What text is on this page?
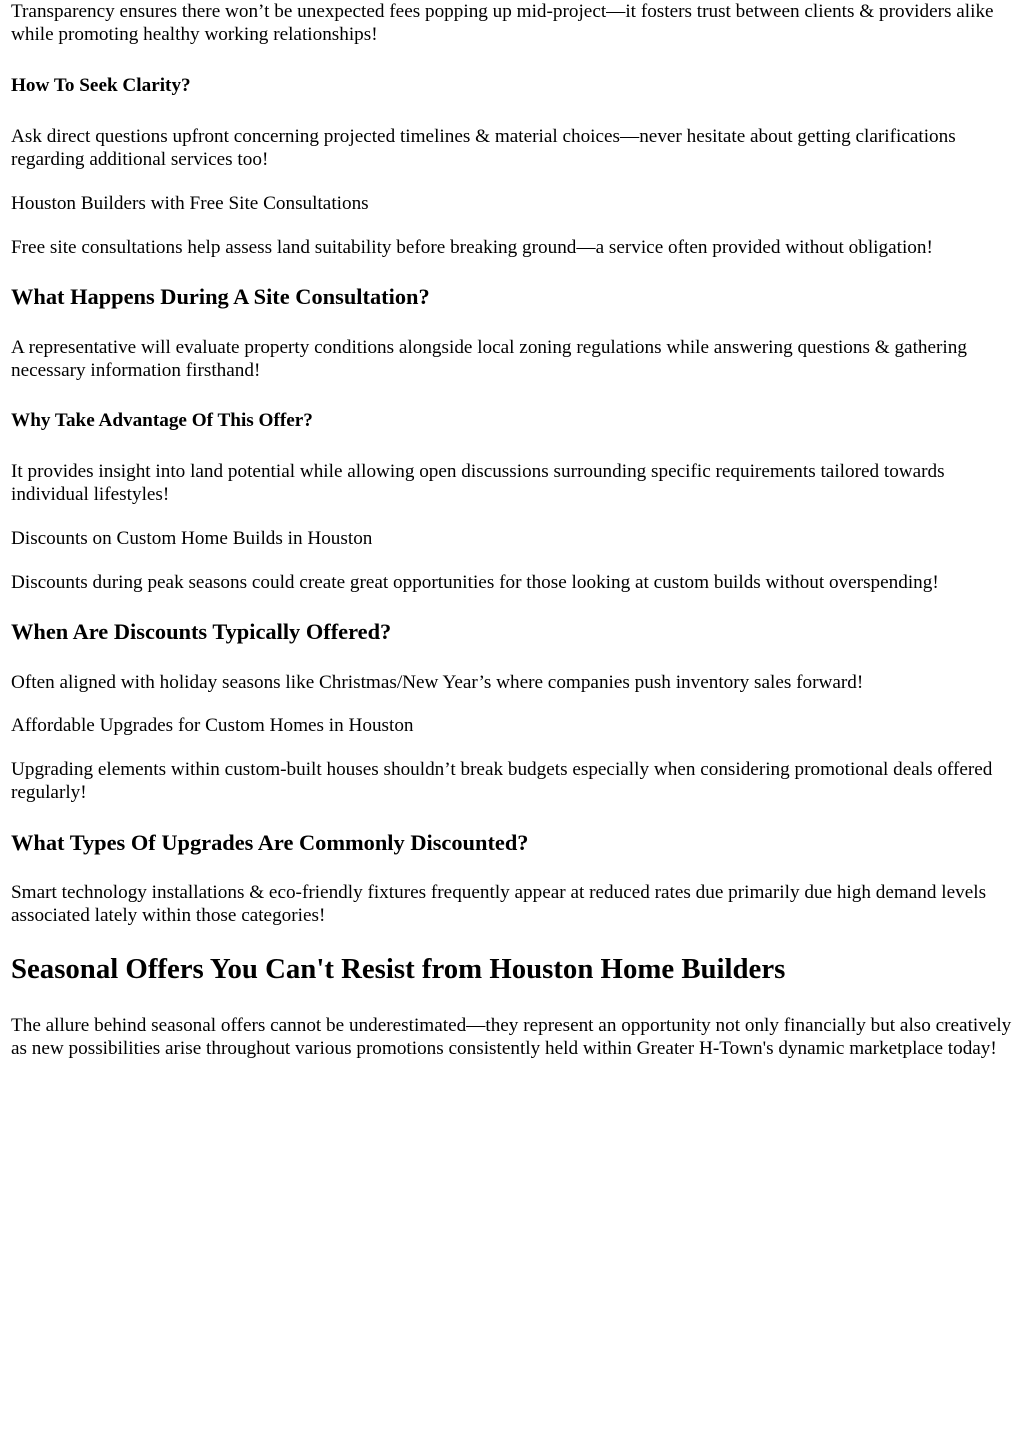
Transparency ensures there won’t be unexpected fees popping up mid-project—it fosters trust between clients & providers alike while promoting healthy working relationships!

How To Seek Clarity?

Ask direct questions upfront concerning projected timelines & material choices—never hesitate about getting clarifications regarding additional services too!

Houston Builders with Free Site Consultations

Free site consultations help assess land suitability before breaking ground—a service often provided without obligation!

What Happens During A Site Consultation?

A representative will evaluate property conditions alongside local zoning regulations while answering questions & gathering necessary information firsthand!

Why Take Advantage Of This Offer?

It provides insight into land potential while allowing open discussions surrounding specific requirements tailored towards individual lifestyles!

Discounts on Custom Home Builds in Houston

Discounts during peak seasons could create great opportunities for those looking at custom builds without overspending!

When Are Discounts Typically Offered?

Often aligned with holiday seasons like Christmas/New Year’s where companies push inventory sales forward!

Affordable Upgrades for Custom Homes in Houston

Upgrading elements within custom-built houses shouldn’t break budgets especially when considering promotional deals offered regularly!

What Types Of Upgrades Are Commonly Discounted?

Smart technology installations & eco-friendly fixtures frequently appear at reduced rates due primarily due high demand levels associated lately within those categories!

Seasonal Offers You Can't Resist from Houston Home Builders

The allure behind seasonal offers cannot be underestimated—they represent an opportunity not only financially but also creatively as new possibilities arise throughout various promotions consistently held within Greater H-Town's dynamic marketplace today!
